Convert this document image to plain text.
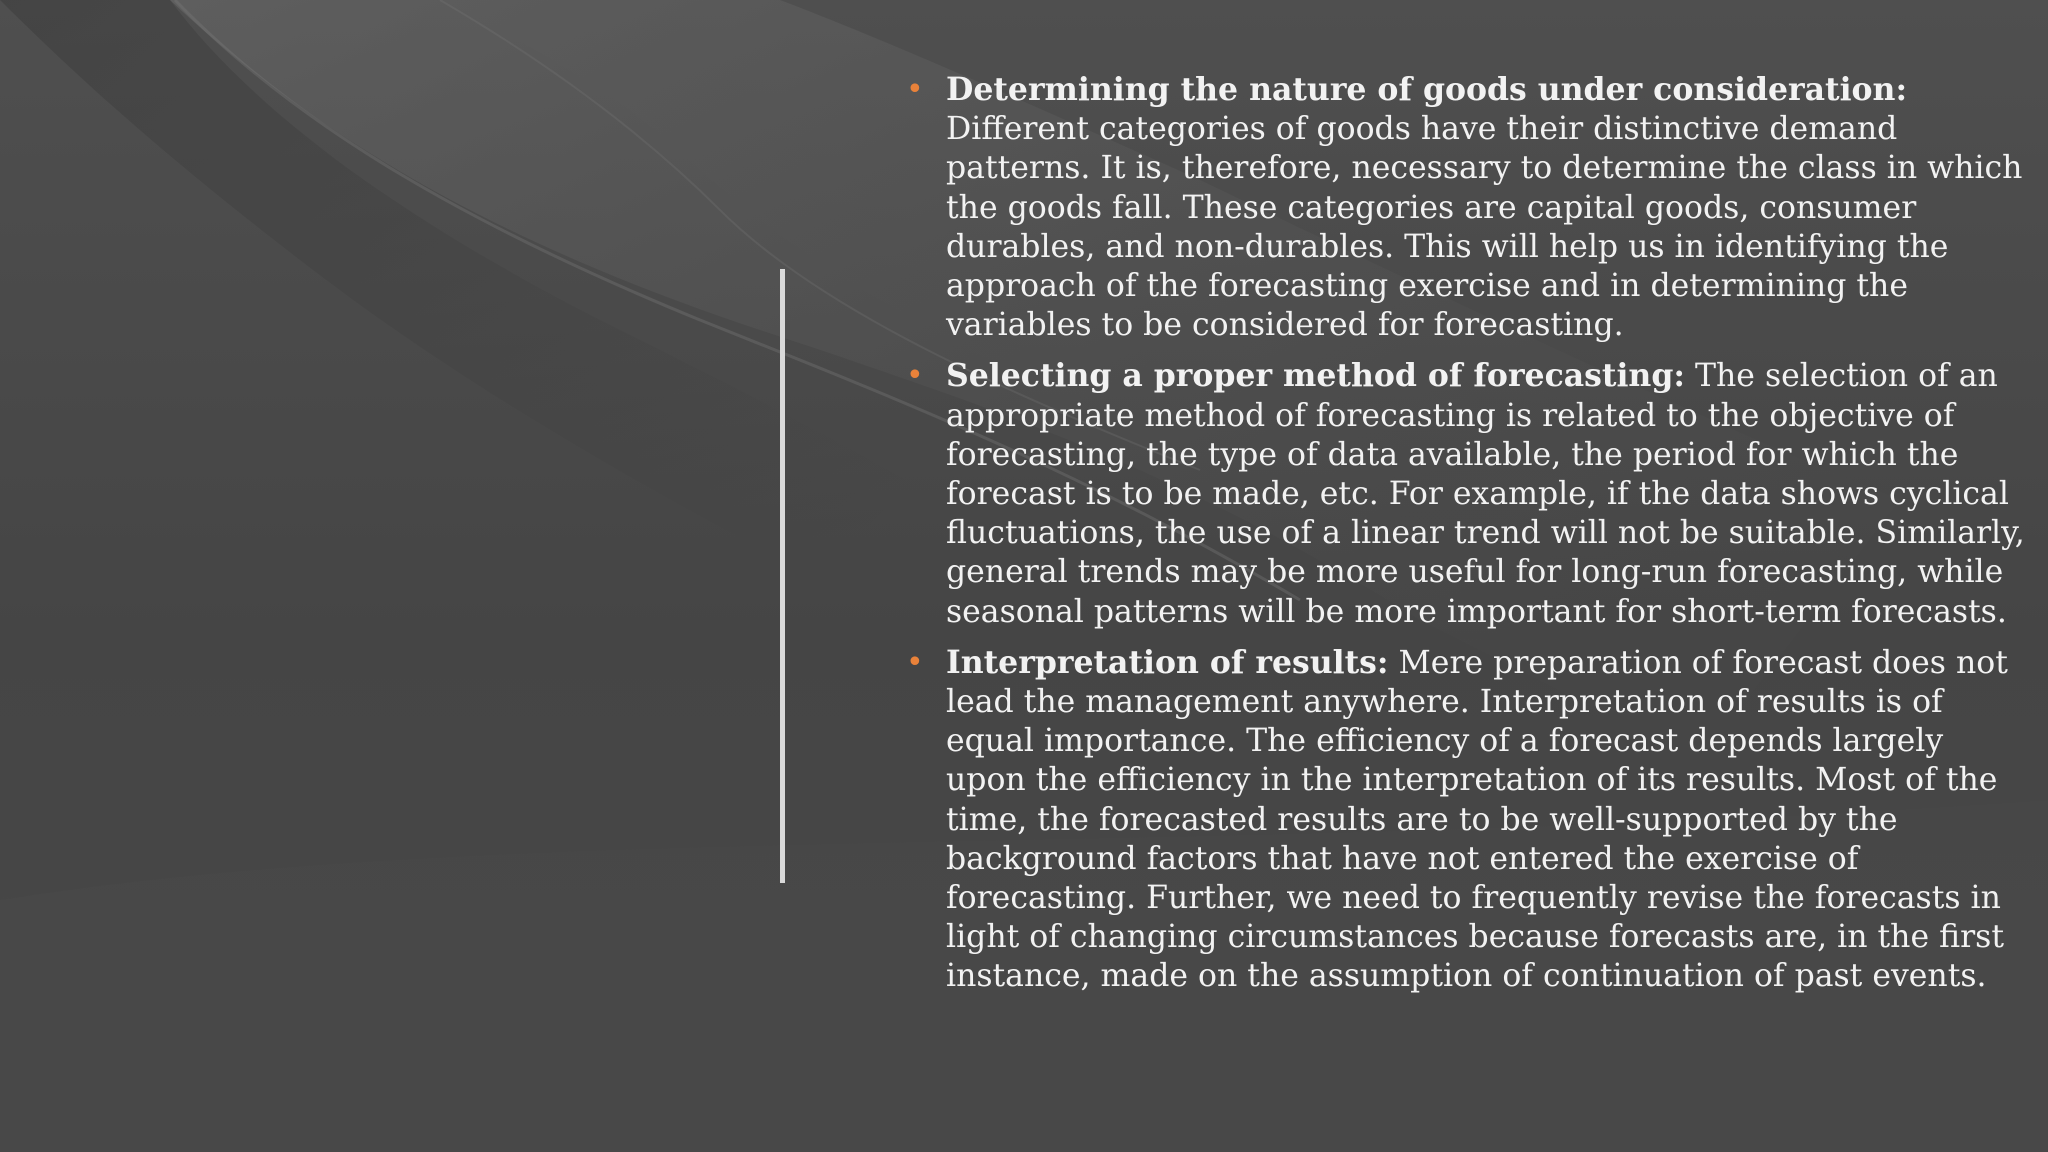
• Determining the nature of goods under consideration: Different categories of goods have their distinctive demand patterns. It is, therefore, necessary to determine the class in which the goods fall. These categories are capital goods, consumer durables, and non-durables. This will help us in identifying the approach of the forecasting exercise and in determining the variables to be considered for forecasting.
• Selecting a proper method of forecasting: The selection of an appropriate method of forecasting is related to the objective of forecasting, the type of data available, the period for which the forecast is to be made, etc. For example, if the data shows cyclical fluctuations, the use of a linear trend will not be suitable. Similarly, general trends may be more useful for long-run forecasting, while seasonal patterns will be more important for short-term forecasts.
• Interpretation of results: Mere preparation of forecast does not lead the management anywhere. Interpretation of results is of equal importance. The efficiency of a forecast depends largely upon the efficiency in the interpretation of its results. Most of the time, the forecasted results are to be well-supported by the background factors that have not entered the exercise of forecasting. Further, we need to frequently revise the forecasts in light of changing circumstances because forecasts are, in the first instance, made on the assumption of continuation of past events.
